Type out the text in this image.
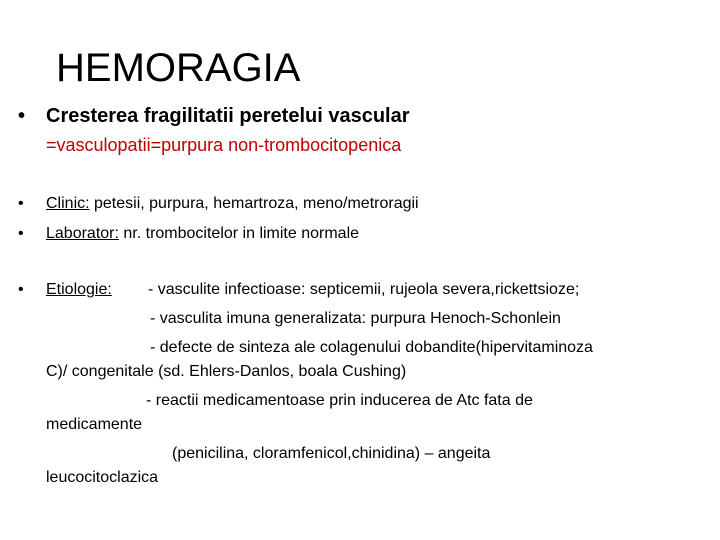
HEMORAGIA
• Cresterea fragilitatii peretelui vascular
=vasculopatii=purpura non-trombocitopenica
• Clinic: petesii, purpura, hemartroza, meno/metroragii
• Laborator: nr. trombocitelor in limite normale
• Etiologie: - vasculite infectioase: septicemii, rujeola severa,rickettsioze;
- vasculita imuna generalizata: purpura Henoch-Schonlein
- defecte de sinteza ale colagenului dobandite(hipervitaminoza
C)/ congenitale (sd. Ehlers-Danlos, boala Cushing)
- reactii medicamentoase prin inducerea de Atc fata de
medicamente
(penicilina, cloramfenicol,chinidina) – angeita
leucocitoclazica
